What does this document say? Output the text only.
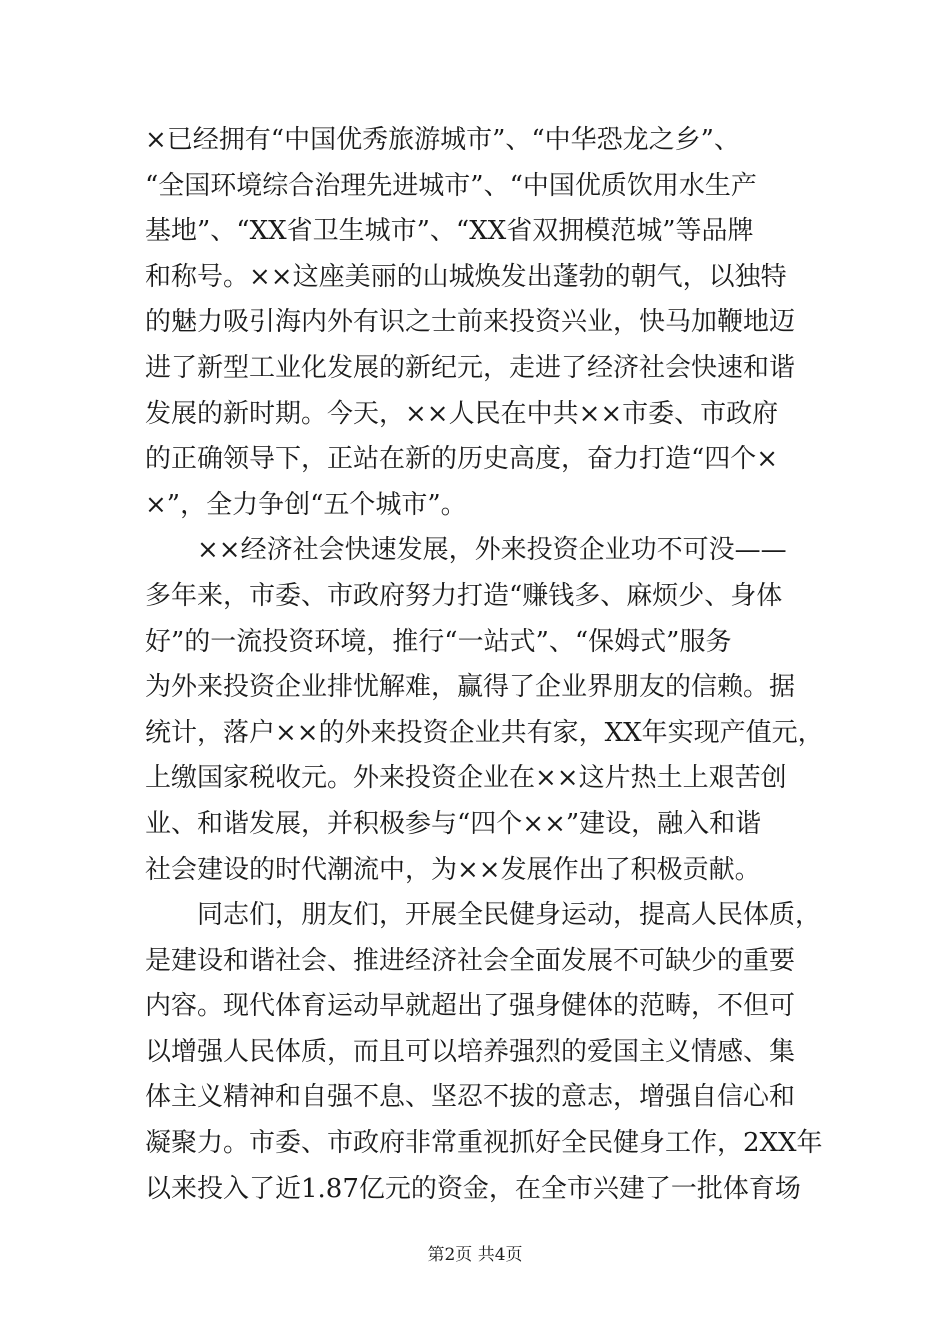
×已经拥有“中国优秀旅游城市”、“中华恐龙之乡”、
“全国环境综合治理先进城市”、“中国优质饮用水生产
基地”、“XX省卫生城市”、“XX省双拥模范城”等品牌
和称号。××这座美丽的山城焕发出蓬勃的朝气，以独特
的魅力吸引海内外有识之士前来投资兴业，快马加鞭地迈
进了新型工业化发展的新纪元，走进了经济社会快速和谐
发展的新时期。今天，××人民在中共××市委、市政府
的正确领导下，正站在新的历史高度，奋力打造“四个×
×”，全力争创“五个城市”。
××经济社会快速发展，外来投资企业功不可没——
多年来，市委、市政府努力打造“赚钱多、麻烦少、身体
好”的一流投资环境，推行“一站式”、“保姆式”服务
为外来投资企业排忧解难，赢得了企业界朋友的信赖。据
统计，落户××的外来投资企业共有家，XX年实现产值元，
上缴国家税收元。外来投资企业在××这片热土上艰苦创
业、和谐发展，并积极参与“四个××”建设，融入和谐
社会建设的时代潮流中，为××发展作出了积极贡献。
同志们，朋友们，开展全民健身运动，提高人民体质，
是建设和谐社会、推进经济社会全面发展不可缺少的重要
内容。现代体育运动早就超出了强身健体的范畴，不但可
以增强人民体质，而且可以培养强烈的爱国主义情感、集
体主义精神和自强不息、坚忍不拔的意志，增强自信心和
凝聚力。市委、市政府非常重视抓好全民健身工作，2XX年
以来投入了近1.87亿元的资金，在全市兴建了一批体育场
第2页 共4页
